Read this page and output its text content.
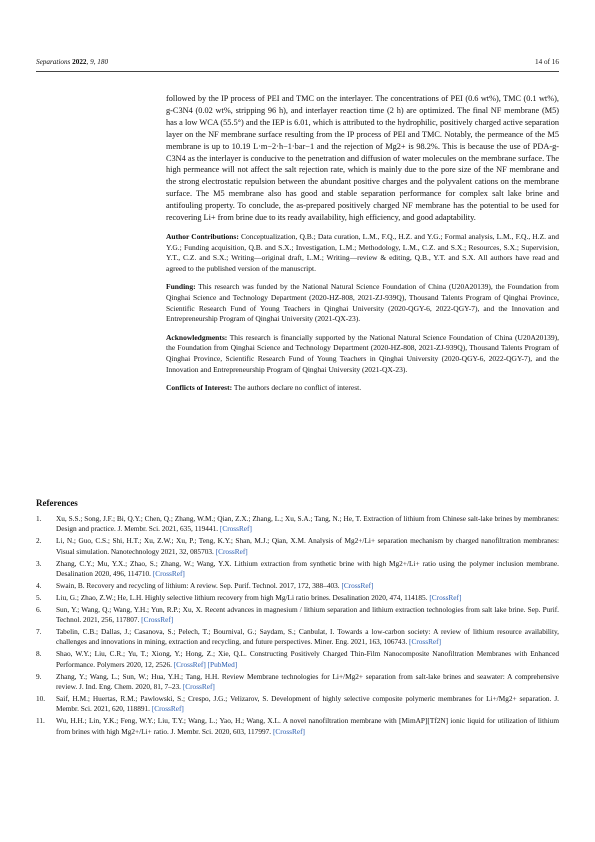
Separations 2022, 9, 180	14 of 16

followed by the IP process of PEI and TMC on the interlayer. The concentrations of PEI (0.6 wt%), TMC (0.1 wt%), g-C3N4 (0.02 wt%, stripping 96 h), and interlayer reaction time (2 h) are optimized. The final NF membrane (M5) has a low WCA (55.5°) and the IEP is 6.01, which is attributed to the hydrophilic, positively charged active separation layer on the NF membrane surface resulting from the IP process of PEI and TMC. Notably, the permeance of the M5 membrane is up to 10.19 L·m−2·h−1·bar−1 and the rejection of Mg2+ is 98.2%. This is because the use of PDA-g-C3N4 as the interlayer is conducive to the penetration and diffusion of water molecules on the membrane surface. The high permeance will not affect the salt rejection rate, which is mainly due to the pore size of the NF membrane and the strong electrostatic repulsion between the abundant positive charges and the polyvalent cations on the membrane surface. The M5 membrane also has good and stable separation performance for complex salt lake brine and antifouling property. To conclude, the as-prepared positively charged NF membrane has the potential to be used for recovering Li+ from brine due to its ready availability, high efficiency, and good adaptability.

Author Contributions: Conceptualization, Q.B.; Data curation, L.M., F.Q., H.Z. and Y.G.; Formal analysis, L.M., F.Q., H.Z. and Y.G.; Funding acquisition, Q.B. and S.X.; Investigation, L.M.; Methodology, L.M., C.Z. and S.X.; Resources, S.X.; Supervision, Y.T., C.Z. and S.X.; Writing—original draft, L.M.; Writing—review & editing, Q.B., Y.T. and S.X. All authors have read and agreed to the published version of the manuscript.
Funding: This research was funded by the National Natural Science Foundation of China (U20A20139), the Foundation from Qinghai Science and Technology Department (2020-HZ-808, 2021-ZJ-939Q), Thousand Talents Program of Qinghai Province, Scientific Research Fund of Young Teachers in Qinghai University (2020-QGY-6, 2022-QGY-7), and the Innovation and Entrepreneurship Program of Qinghai University (2021-QX-23).
Acknowledgments: This research is financially supported by the National Natural Science Foundation of China (U20A20139), the Foundation from Qinghai Science and Technology Department (2020-HZ-808, 2021-ZJ-939Q), Thousand Talents Program of Qinghai Province, Scientific Research Fund of Young Teachers in Qinghai University (2020-QGY-6, 2022-QGY-7), and the Innovation and Entrepreneurship Program of Qinghai University (2021-QX-23).
Conflicts of Interest: The authors declare no conflict of interest.
References
1. Xu, S.S.; Song, J.F.; Bi, Q.Y.; Chen, Q.; Zhang, W.M.; Qian, Z.X.; Zhang, L.; Xu, S.A.; Tang, N.; He, T. Extraction of lithium from Chinese salt-lake brines by membranes: Design and practice. J. Membr. Sci. 2021, 635, 119441. [CrossRef]
2. Li, N.; Guo, C.S.; Shi, H.T.; Xu, Z.W.; Xu, P.; Teng, K.Y.; Shan, M.J.; Qian, X.M. Analysis of Mg2+/Li+ separation mechanism by charged nanofiltration membranes: Visual simulation. Nanotechnology 2021, 32, 085703. [CrossRef]
3. Zhang, C.Y.; Mu, Y.X.; Zhao, S.; Zhang, W.; Wang, Y.X. Lithium extraction from synthetic brine with high Mg2+/Li+ ratio using the polymer inclusion membrane. Desalination 2020, 496, 114710. [CrossRef]
4. Swain, B. Recovery and recycling of lithium: A review. Sep. Purif. Technol. 2017, 172, 388–403. [CrossRef]
5. Liu, G.; Zhao, Z.W.; He, L.H. Highly selective lithium recovery from high Mg/Li ratio brines. Desalination 2020, 474, 114185. [CrossRef]
6. Sun, Y.; Wang, Q.; Wang, Y.H.; Yun, R.P.; Xu, X. Recent advances in magnesium / lithium separation and lithium extraction technologies from salt lake brine. Sep. Purif. Technol. 2021, 256, 117807. [CrossRef]
7. Tabelin, C.B.; Dallas, J.; Casanova, S.; Pelech, T.; Bournival, G.; Saydam, S.; Canbulat, I. Towards a low-carbon society: A review of lithium resource availability, challenges and innovations in mining, extraction and recycling, and future perspectives. Miner. Eng. 2021, 163, 106743. [CrossRef]
8. Shao, W.Y.; Liu, C.R.; Yu, T.; Xiong, Y.; Hong, Z.; Xie, Q.L. Constructing Positively Charged Thin-Film Nanocomposite Nanofiltration Membranes with Enhanced Performance. Polymers 2020, 12, 2526. [CrossRef] [PubMed]
9. Zhang, Y.; Wang, L.; Sun, W.; Hua, Y.H.; Tang, H.H. Review Membrane technologies for Li+/Mg2+ separation from salt-lake brines and seawater: A comprehensive review. J. Ind. Eng. Chem. 2020, 81, 7–23. [CrossRef]
10. Saif, H.M.; Huertas, R.M.; Pawlowski, S.; Crespo, J.G.; Velizarov, S. Development of highly selective composite polymeric membranes for Li+/Mg2+ separation. J. Membr. Sci. 2021, 620, 118891. [CrossRef]
11. Wu, H.H.; Lin, Y.K.; Feng, W.Y.; Liu, T.Y.; Wang, L.; Yao, H.; Wang, X.L. A novel nanofiltration membrane with [MimAP][Tf2N] ionic liquid for utilization of lithium from brines with high Mg2+/Li+ ratio. J. Membr. Sci. 2020, 603, 117997. [CrossRef]
